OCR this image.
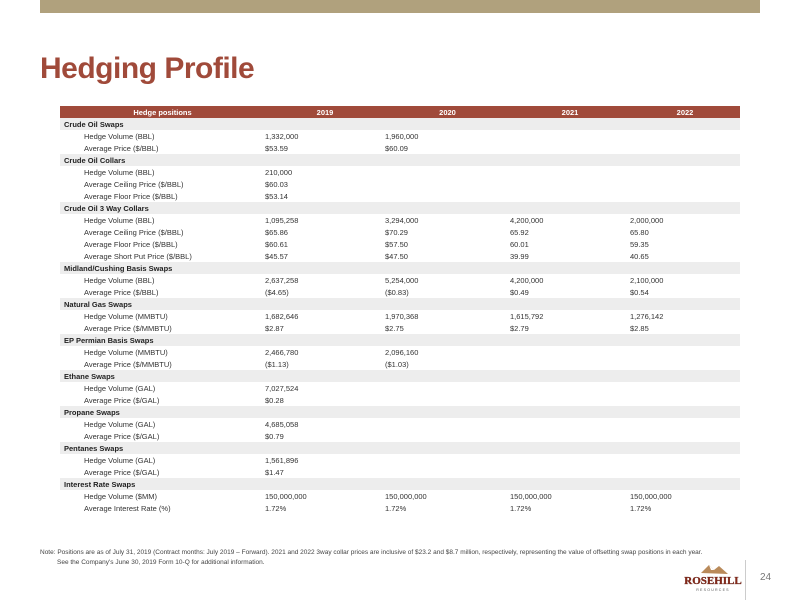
Hedging Profile
Hedge positions	2019	2020	2021	2022
Crude Oil Swaps				
Hedge Volume (BBL)	1,332,000	1,960,000		
Average Price ($/BBL)	$53.59	$60.09		
Crude Oil Collars				
Hedge Volume (BBL)	210,000			
Average Ceiling Price ($/BBL)	$60.03			
Average Floor Price ($/BBL)	$53.14			
Crude Oil 3 Way Collars				
Hedge Volume (BBL)	1,095,258	3,294,000	4,200,000	2,000,000
Average Ceiling Price ($/BBL)	$65.86	$70.29	65.92	65.80
Average Floor Price ($/BBL)	$60.61	$57.50	60.01	59.35
Average Short Put Price ($/BBL)	$45.57	$47.50	39.99	40.65
Midland/Cushing Basis Swaps				
Hedge Volume (BBL)	2,637,258	5,254,000	4,200,000	2,100,000
Average Price ($/BBL)	($4.65)	($0.83)	$0.49	$0.54
Natural Gas Swaps				
Hedge Volume (MMBTU)	1,682,646	1,970,368	1,615,792	1,276,142
Average Price ($/MMBTU)	$2.87	$2.75	$2.79	$2.85
EP Permian Basis Swaps				
Hedge Volume (MMBTU)	2,466,780	2,096,160		
Average Price ($/MMBTU)	($1.13)	($1.03)		
Ethane Swaps				
Hedge Volume (GAL)	7,027,524			
Average Price ($/GAL)	$0.28			
Propane Swaps				
Hedge Volume (GAL)	4,685,058			
Average Price ($/GAL)	$0.79			
Pentanes Swaps				
Hedge Volume (GAL)	1,561,896			
Average Price ($/GAL)	$1.47			
Interest Rate Swaps				
Hedge Volume ($MM)	150,000,000	150,000,000	150,000,000	150,000,000
Average Interest Rate (%)	1.72%	1.72%	1.72%	1.72%
Note: Positions are as of July 31, 2019 (Contract months: July 2019 – Forward). 2021 and 2022 3way collar prices are inclusive of $23.2 and $8.7 million, respectively, representing the value of offsetting swap positions in each year.
See the Company's June 30, 2019 Form 10-Q for additional information.
ROSEHILL
RESOURCES
24
